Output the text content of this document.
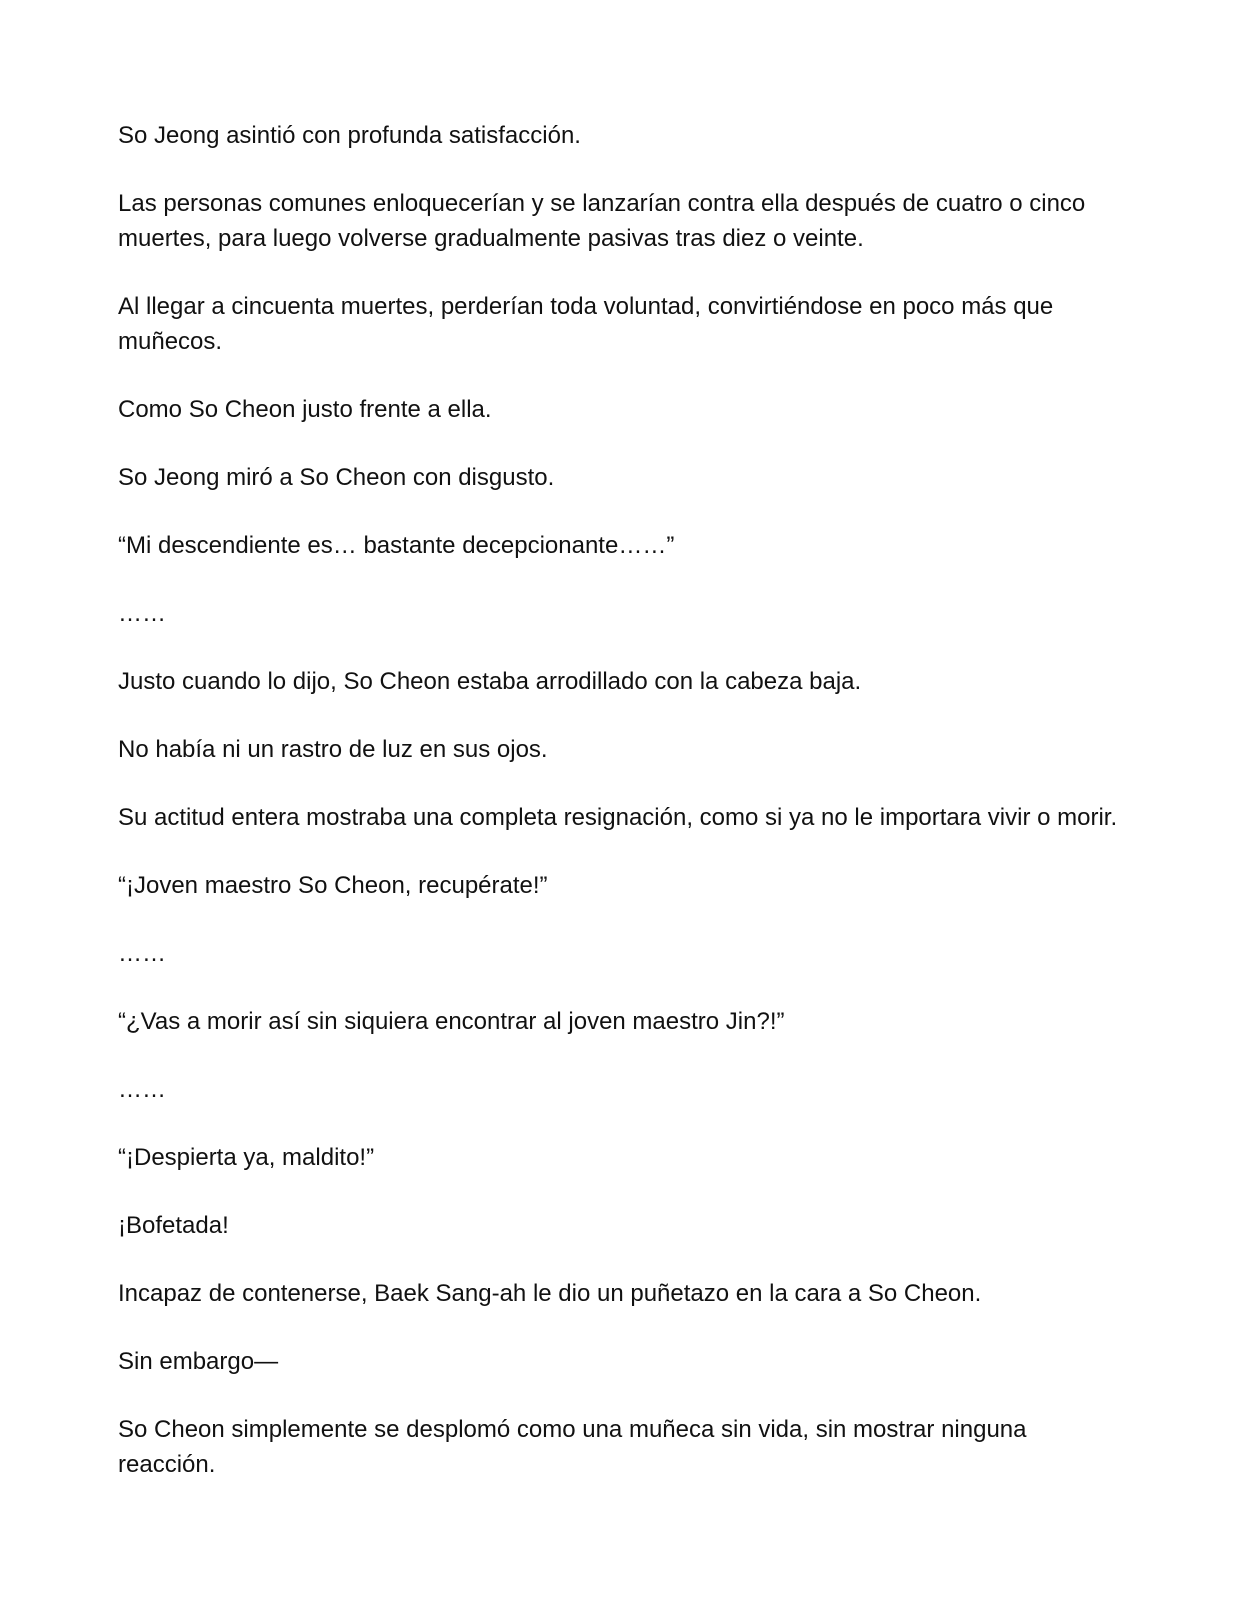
So Jeong asintió con profunda satisfacción.

Las personas comunes enloquecerían y se lanzarían contra ella después de cuatro o cinco muertes, para luego volverse gradualmente pasivas tras diez o veinte.

Al llegar a cincuenta muertes, perderían toda voluntad, convirtiéndose en poco más que muñecos.

Como So Cheon justo frente a ella.

So Jeong miró a So Cheon con disgusto.

“Mi descendiente es… bastante decepcionante……”

……

Justo cuando lo dijo, So Cheon estaba arrodillado con la cabeza baja.

No había ni un rastro de luz en sus ojos.

Su actitud entera mostraba una completa resignación, como si ya no le importara vivir o morir.

“¡Joven maestro So Cheon, recupérate!”

……

“¿Vas a morir así sin siquiera encontrar al joven maestro Jin?!”

……

“¡Despierta ya, maldito!”

¡Bofetada!

Incapaz de contenerse, Baek Sang-ah le dio un puñetazo en la cara a So Cheon.

Sin embargo—

So Cheon simplemente se desplomó como una muñeca sin vida, sin mostrar ninguna reacción.
